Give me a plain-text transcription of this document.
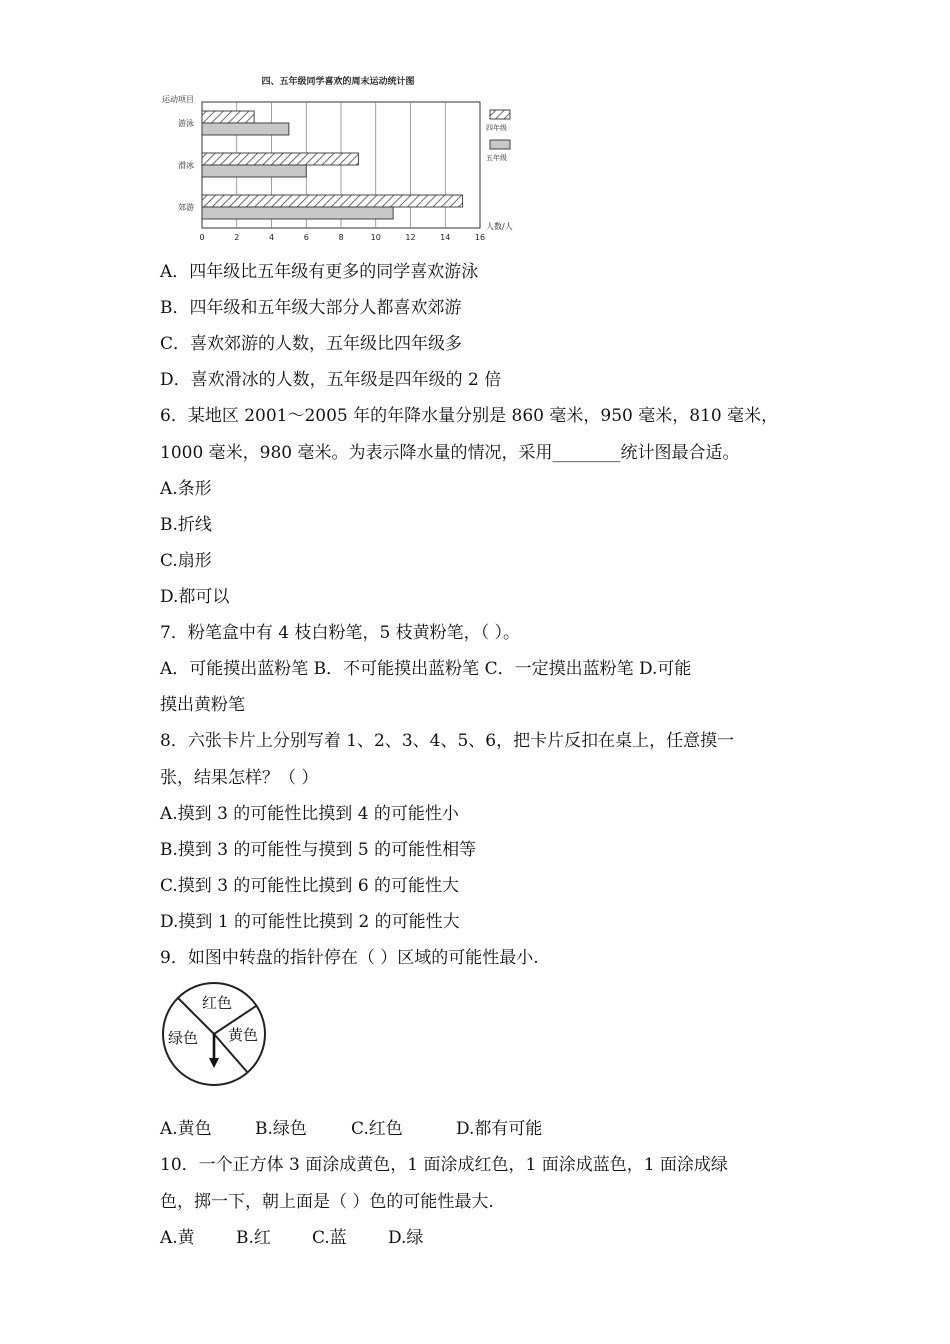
四、五年级同学喜欢的周末运动统计图
运动项目
人数/人
游泳
滑冰
郊游
0	2	4	6	8	10	12	14	16
四年级
五年级
A．四年级比五年级有更多的同学喜欢游泳
B．四年级和五年级大部分人都喜欢郊游
C．喜欢郊游的人数，五年级比四年级多
D．喜欢滑冰的人数，五年级是四年级的 2 倍
6．某地区 2001～2005 年的年降水量分别是 860 毫米，950 毫米，810 毫米，
1000 毫米，980 毫米。为表示降水量的情况，采用________统计图最合适。
A.条形
B.折线
C.扇形
D.都可以
7．粉笔盒中有 4 枝白粉笔，5 枝黄粉笔，（ ）。
A．可能摸出蓝粉笔 B．不可能摸出蓝粉笔 C．一定摸出蓝粉笔 D.可能
摸出黄粉笔
8．六张卡片上分别写着 1、2、3、4、5、6，把卡片反扣在桌上，任意摸一
张，结果怎样？（ ）
A.摸到 3 的可能性比摸到 4 的可能性小
B.摸到 3 的可能性与摸到 5 的可能性相等
C.摸到 3 的可能性比摸到 6 的可能性大
D.摸到 1 的可能性比摸到 2 的可能性大
9．如图中转盘的指针停在（ ）区域的可能性最小.
红色
绿色 黄色
A.黄色	B.绿色	C.红色	D.都有可能
10．一个正方体 3 面涂成黄色，1 面涂成红色，1 面涂成蓝色，1 面涂成绿
色，掷一下，朝上面是（ ）色的可能性最大.
A.黄 B.红 C.蓝 D.绿
